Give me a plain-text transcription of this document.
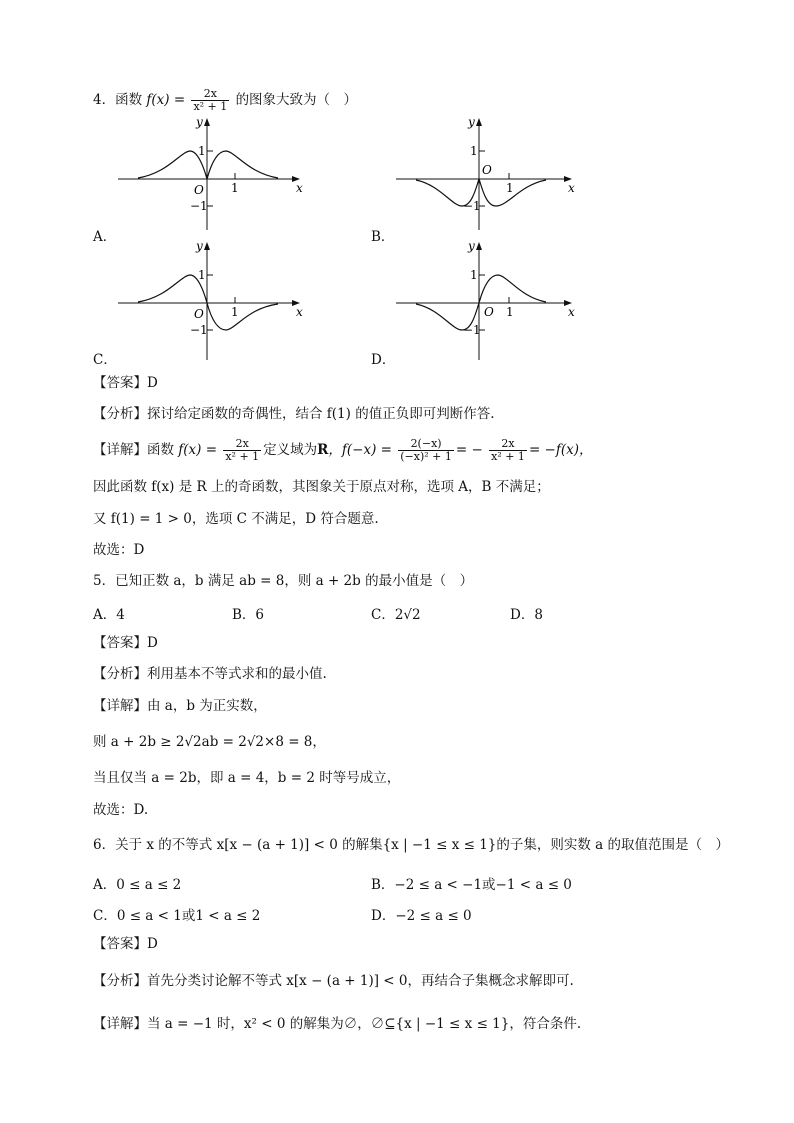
4．函数 $f(x) = \frac{2x}{\text{x² + 1}}$ 的图象大致为（　）
y
x
O
1
1
−1
A．
y
x
O
1
1
−1
B．
y
x
O
1
1
−1
C．
y
x
O
1
1
−1
D．
【答案】D
【分析】探讨给定函数的奇偶性，结合 f(1) 的值正负即可判断作答.
【详解】函数 $f(x) = \frac{2x}{\text{x² + 1}}$ 定义域为R，$f(-x) = \frac{2(-x)}{\text{(−x)² + 1}}$ = − $\frac{2x}{\text{x² + 1}} = -f(x)$，
因此函数 f(x) 是 R 上的奇函数，其图象关于原点对称，选项 A，B 不满足；
又 f(1) = 1 > 0，选项 C 不满足，D 符合题意.
故选：D
5．已知正数 a，b 满足 ab = 8，则 a + 2b 的最小值是（　）
A．4	B．6	C．2√2	D．8
【答案】D
【分析】利用基本不等式求和的最小值.
【详解】由 a，b 为正实数，
则 a + 2b ≥ 2√2ab = 2√2×8 = 8，
当且仅当 a = 2b，即 a = 4，b = 2 时等号成立，
故选：D.
6．关于 x 的不等式 x[x − (a + 1)] < 0 的解集{x | −1 ≤ x ≤ 1}的子集，则实数 a 的取值范围是（　）
A．0 ≤ a ≤ 2	B．−2 ≤ a < −1或−1 < a ≤ 0
C．0 ≤ a < 1或1 < a ≤ 2	D．−2 ≤ a ≤ 0
【答案】D
【分析】首先分类讨论解不等式 x[x − (a + 1)] < 0，再结合子集概念求解即可.
【详解】当 a = −1 时，x² < 0 的解集为∅，∅⊆{x | −1 ≤ x ≤ 1}，符合条件.
